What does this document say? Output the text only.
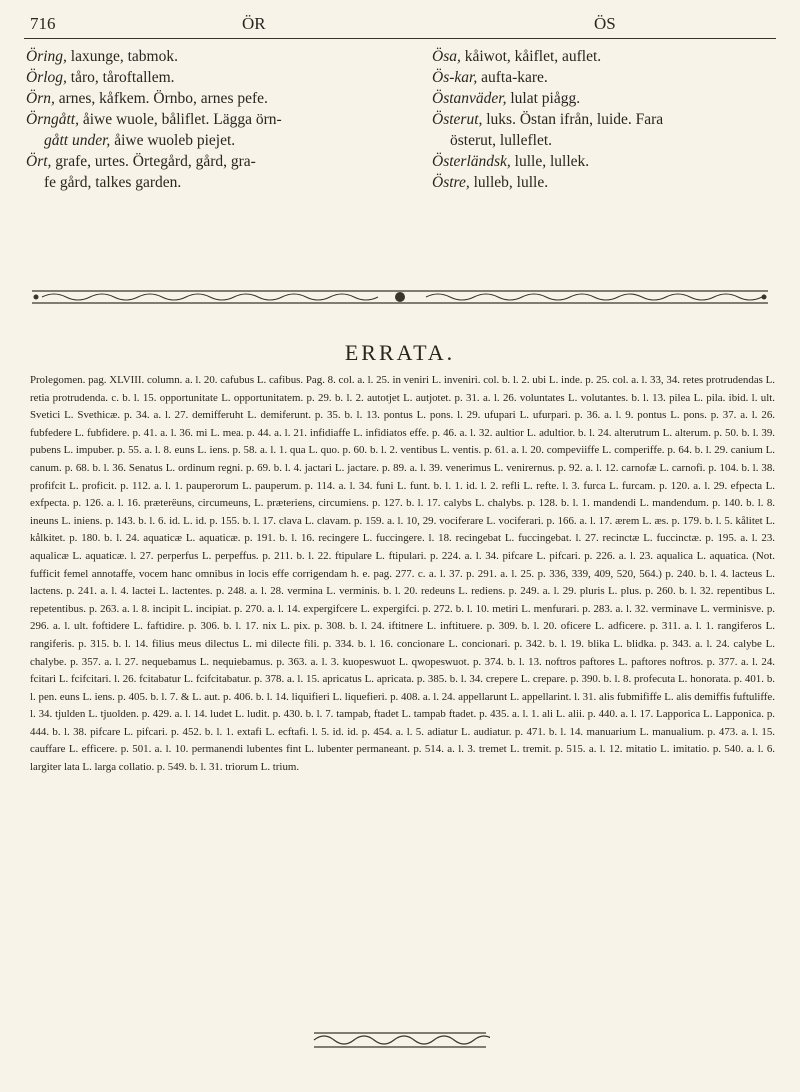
716	ÖR	ÖS
Öring, laxunge, tabmok.
Örlog, tåro, tåroftallem.
Örn, arnes, kåfkem. Örnbo, arnes pefe.
Örngått, åiwe wuole, båliflet. Lägga örn-
gått under, åiwe wuoleb piejet.
Ört, grafe, urtes. Örtegård, gård, gra-
fe gård, talkes garden.
Ösa, kåiwot, kåiflet, auflet.
Ös-kar, aufta-kare.
Östanväder, lulat piågg.
Österut, luks. Östan ifrån, luide. Fara
österut, lulleflet.
Österländsk, lulle, lullek.
Östre, lulleb, lulle.
ERRATA.

Prolegomen. pag. XLVIII. column. a. l. 20. cafubus L. cafibus. Pag. 8. col. a. l. 25. in veniri L. inveniri. col. b. l. 2. ubi L. inde. p. 25. col. a. l. 33, 34. retes protrudendas L. retia protrudenda. c. b. l. 15. opportunitate L. opportunitatem. p. 29. b. l. 2. autotjet L. autjotet. p. 31. a. l. 26. voluntates L. volutantes. b. l. 13. pilea L. pila. ibid. l. ult. Svetici L. Svethicæ. p. 34. a. l. 27. demifferuht L. demiferunt. p. 35. b. l. 13. pontus L. pons. l. 29. ufupari L. ufurpari. p. 36. a. l. 9. pontus L. pons. p. 37. a. l. 26. fubfedere L. fubfidere. p. 41. a. l. 36. mi L. mea. p. 44. a. l. 21. infidiaffe L. infidiatos effe. p. 46. a. l. 32. aultior L. adultior. b. l. 24. alterutrum L. alterum. p. 50. b. l. 39. pubens L. impuber. p. 55. a. l. 8. euns L. iens. p. 58. a. l. 1. qua L. quo. p. 60. b. l. 2. ventibus L. ventis. p. 61. a. l. 20. compeviiffe L. comperiffe. p. 64. b. l. 29. canium L. canum. p. 68. b. l. 36. Senatus L. ordinum regni. p. 69. b. l. 4. jactari L. jactare. p. 89. a. l. 39. venerimus L. venirernus. p. 92. a. l. 12. carnofæ L. carnofi. p. 104. b. l. 38. profifcit L. proficit. p. 112. a. l. 1. pauperorum L. pauperum. p. 114. a. l. 34. funi L. funt. b. l. 1. id. l. 2. refli L. refte. l. 3. furca L. furcam. p. 120. a. l. 29. efpecta L. exfpecta. p. 126. a. l. 16. præterëuns, circumeuns, L. præteriens, circumiens. p. 127. b. l. 17. calybs L. chalybs. p. 128. b. l. 1. mandendi L. mandendum. p. 140. b. l. 8. ineuns L. iniens. p. 143. b. l. 6. id. L. id. p. 155. b. l. 17. clava L. clavam. p. 159. a. l. 10, 29. vociferare L. vociferari. p. 166. a. l. 17. ærem L. æs. p. 179. b. l. 5. kålitet L. kålkitet. p. 180. b. l. 24. aquaticæ L. aquaticæ. p. 191. b. l. 16. recingere L. fuccingere. l. 18. recingebat L. fuccingebat. l. 27. recinctæ L. fuccinctæ. p. 195. a. l. 23. aqualicæ L. aquaticæ. l. 27. perperfus L. perpeffus. p. 211. b. l. 22. ftipulare L. ftipulari. p. 224. a. l. 34. pifcare L. pifcari. p. 226. a. l. 23. aqualica L. aquatica. (Not. fufficit femel annotaffe, vocem hanc omnibus in locis effe corrigendam h. e. pag. 277. c. a. l. 37. p. 291. a. l. 25. p. 336, 339, 409, 520, 564.) p. 240. b. l. 4. lacteus L. lactens. p. 241. a. l. 4. lactei L. lactentes. p. 248. a. l. 28. vermina L. verminis. b. l. 20. redeuns L. rediens. p. 249. a. l. 29. pluris L. plus. p. 260. b. l. 32. repentibus L. repetentibus. p. 263. a. l. 8. incipit L. incipiat. p. 270. a. l. 14. expergifcere L. expergifci. p. 272. b. l. 10. metiri L. menfurari. p. 283. a. l. 32. verminave L. verminisve. p. 296. a. l. ult. foftidere L. faftidire. p. 306. b. l. 17. nix L. pix. p. 308. b. l. 24. iftitnere L. inftituere. p. 309. b. l. 20. oficere L. adficere. p. 311. a. l. 1. rangiferos L. rangiferis. p. 315. b. l. 14. filius meus dilectus L. mi dilecte fili. p. 334. b. l. 16. concionare L. concionari. p. 342. b. l. 19. blika L. blidka. p. 343. a. l. 24. calybe L. chalybe. p. 357. a. l. 27. nequebamus L. nequiebamus. p. 363. a. l. 3. kuopeswuot L. qwopeswuot. p. 374. b. l. 13. noftros paftores L. paftores noftros. p. 377. a. l. 24. fcitari L. fcifcitari. l. 26. fcitabatur L. fcifcitabatur. p. 378. a. l. 15. apricatus L. apricata. p. 385. b. l. 34. crepere L. crepare. p. 390. b. l. 8. profecuta L. honorata. p. 401. b. l. pen. euns L. iens. p. 405. b. l. 7. & L. aut. p. 406. b. l. 14. liquifieri L. liquefieri. p. 408. a. l. 24. appellarunt L. appellarint. l. 31. alis fubmififfe L. alis demiffis fuftuliffe. l. 34. tjulden L. tjuolden. p. 429. a. l. 14. ludet L. ludit. p. 430. b. l. 7. tampab, ftadet L. tampab ftadet. p. 435. a. l. 1. ali L. alii. p. 440. a. l. 17. Lapporica L. Lapponica. p. 444. b. l. 38. pifcare L. pifcari. p. 452. b. l. 1. extafi L. ecftafi. l. 5. id. id. p. 454. a. l. 5. adiatur L. audiatur. p. 471. b. l. 14. manuarium L. manualium. p. 473. a. l. 15. cauffare L. efficere. p. 501. a. l. 10. permanendi lubentes fint L. lubenter permaneant. p. 514. a. l. 3. tremet L. tremit. p. 515. a. l. 12. mitatio L. imitatio. p. 540. a. l. 6. largiter lata L. larga collatio. p. 549. b. l. 31. triorum L. trium.
